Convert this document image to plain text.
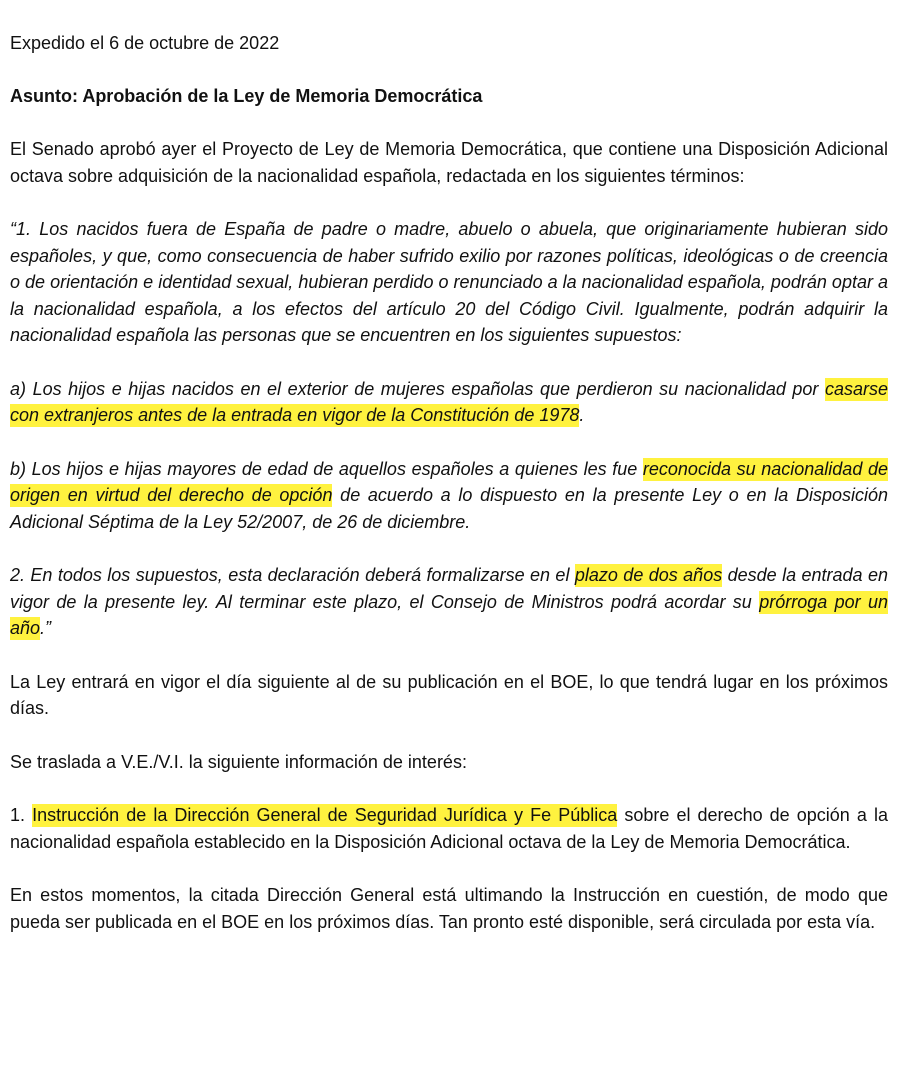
Expedido el 6 de octubre de 2022

Asunto: Aprobación de la Ley de Memoria Democrática

El Senado aprobó ayer el Proyecto de Ley de Memoria Democrática, que contiene una Disposición Adicional octava sobre adquisición de la nacionalidad española, redactada en los siguientes términos:

“1. Los nacidos fuera de España de padre o madre, abuelo o abuela, que originariamente hubieran sido españoles, y que, como consecuencia de haber sufrido exilio por razones políticas, ideológicas o de creencia o de orientación e identidad sexual, hubieran perdido o renunciado a la nacionalidad española, podrán optar a la nacionalidad española, a los efectos del artículo 20 del Código Civil. Igualmente, podrán adquirir la nacionalidad española las personas que se encuentren en los siguientes supuestos:

a) Los hijos e hijas nacidos en el exterior de mujeres españolas que perdieron su nacionalidad por casarse con extranjeros antes de la entrada en vigor de la Constitución de 1978.

b) Los hijos e hijas mayores de edad de aquellos españoles a quienes les fue reconocida su nacionalidad de origen en virtud del derecho de opción de acuerdo a lo dispuesto en la presente Ley o en la Disposición Adicional Séptima de la Ley 52/2007, de 26 de diciembre.

2. En todos los supuestos, esta declaración deberá formalizarse en el plazo de dos años desde la entrada en vigor de la presente ley. Al terminar este plazo, el Consejo de Ministros podrá acordar su prórroga por un año.”

La Ley entrará en vigor el día siguiente al de su publicación en el BOE, lo que tendrá lugar en los próximos días.

Se traslada a V.E./V.I. la siguiente información de interés:

1. Instrucción de la Dirección General de Seguridad Jurídica y Fe Pública sobre el derecho de opción a la nacionalidad española establecido en la Disposición Adicional octava de la Ley de Memoria Democrática.

En estos momentos, la citada Dirección General está ultimando la Instrucción en cuestión, de modo que pueda ser publicada en el BOE en los próximos días. Tan pronto esté disponible, será circulada por esta vía.
